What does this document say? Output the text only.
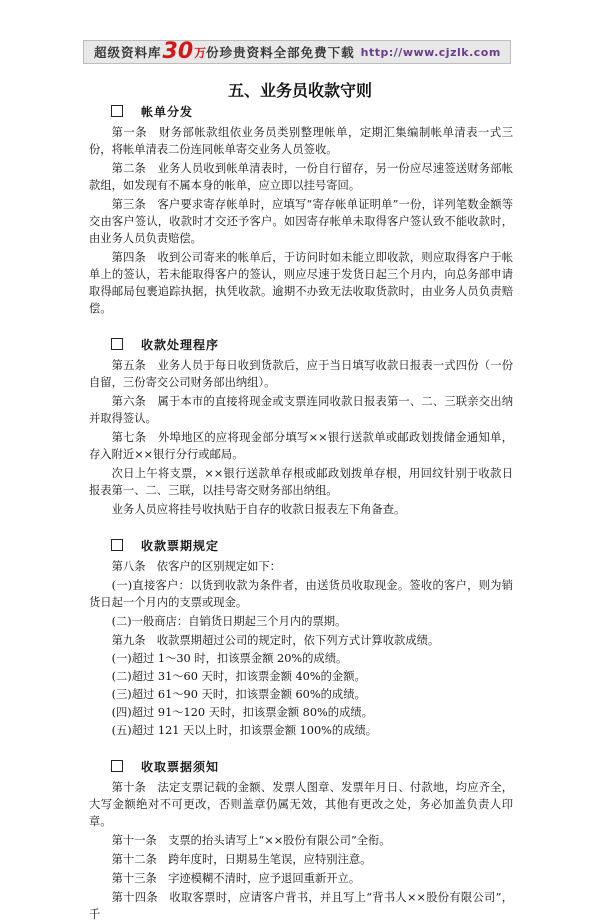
超级资料库 30 万 份珍贵资料全部免费下载 http://www.cjzlk.com
五、业务员收款守则
帐单分发
第一条　财务部帐款组依业务员类别整理帐单，定期汇集编制帐单清表一式三份，将帐单清表二份连同帐单寄交业务人员签收。
第二条　业务人员收到帐单清表时，一份自行留存，另一份应尽速签送财务部帐款组，如发现有不属本身的帐单，应立即以挂号寄回。
第三条　客户要求寄存帐单时，应填写“寄存帐单证明单”一份，详列笔数金额等交由客户签认，收款时才交还予客户。如因寄存帐单未取得客户签认致不能收款时，由业务人员负责赔偿。
第四条　收到公司寄来的帐单后，于访问时如未能立即收款，则应取得客户于帐单上的签认，若未能取得客户的签认，则应尽速于发货日起三个月内，向总务部申请取得邮局包裹追踪执据，执凭收款。逾期不办致无法收取货款时，由业务人员负责赔偿。
收款处理程序
第五条　业务人员于每日收到货款后，应于当日填写收款日报表一式四份（一份自留，三份寄交公司财务部出纳组）。
第六条　属于本市的直接将现金或支票连同收款日报表第一、二、三联亲交出纳并取得签认。
第七条　外埠地区的应将现金部分填写××银行送款单或邮政划拨储金通知单，存入附近××银行分行或邮局。
次日上午将支票，××银行送款单存根或邮政划拨单存根，用回纹针别于收款日报表第一、二、三联，以挂号寄交财务部出纳组。
业务人员应将挂号收执贴于自存的收款日报表左下角备查。
收款票期规定
第八条　依客户的区别规定如下：
(一)直接客户：以货到收款为条件者，由送货员收取现金。签收的客户，则为销货日起一个月内的支票或现金。
(二)一般商店：自销货日期起三个月内的票期。
第九条　收款票期超过公司的规定时，依下列方式计算收款成绩。
(一)超过 1～30 时，扣该票金额 20%的成绩。
(二)超过 31～60 天时，扣该票金额 40%的金额。
(三)超过 61～90 天时，扣该票金额 60%的成绩。
(四)超过 91～120 天时，扣该票金额 80%的成绩。
(五)超过 121 天以上时，扣该票金额 100%的成绩。
收取票据须知
第十条　法定支票记载的金额、发票人图章、发票年月日、付款地，均应齐全，大写金额绝对不可更改，否则盖章仍属无效，其他有更改之处，务必加盖负责人印章。
第十一条　支票的抬头请写上“××股份有限公司”全衔。
第十二条　跨年度时，日期易生笔误，应特别注意。
第十三条　字迹模糊不清时，应予退回重新开立。
第十四条　收取客票时，应请客户背书，并且写上“背书人××股份有限公司”，千
